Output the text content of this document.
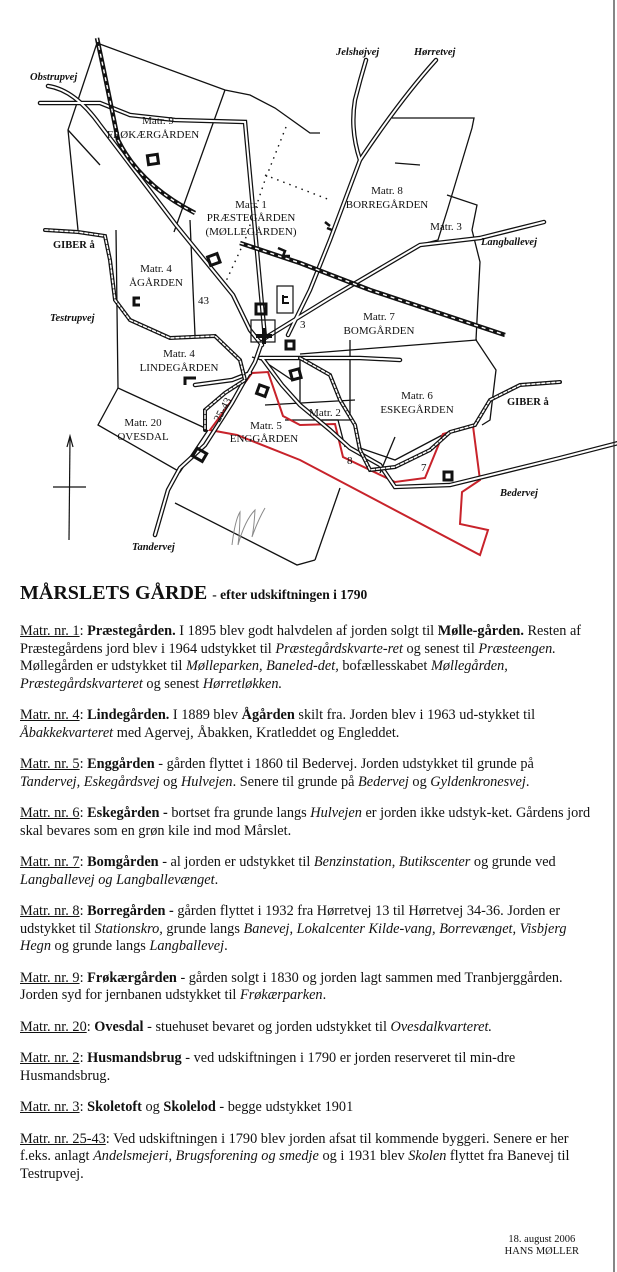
Obstrupvej
Jelshøjvej	Hørretvej
Langballevej
Testrupvej
Tandervej
Bedervej
GIBER å
GIBER å
Matr. 9
FRØKÆRGÅRDEN
Matr. 1
PRÆSTEGÅRDEN
(MØLLEGÅRDEN)
Matr. 8
BORREGÅRDEN
Matr. 3
Matr. 4
ÅGÅRDEN
Matr. 7
BOMGÅRDEN
Matr. 4
LINDEGÅRDEN
Matr. 6
ESKEGÅRDEN
Matr. 20
OVESDAL
Matr. 2
Matr. 5
ENGGÅRDEN
43
3
25-43
8
7
MÅRSLETS GÅRDE - efter udskiftningen i 1790

Matr. nr. 1: Præstegården. I 1895 blev godt halvdelen af jorden solgt til Mølle-gården. Resten af Præstegårdens jord blev i 1964 udstykket til Præstegårdskvarte-ret og senest til Præsteengen. Møllegården er udstykket til Mølleparken, Baneled-det, bofællesskabet Møllegården, Præstegårdskvarteret og senest Hørretløkken.

Matr. nr. 4: Lindegården. I 1889 blev Ågården skilt fra. Jorden blev i 1963 ud-stykket til Åbakkekvarteret med Agervej, Åbakken, Kratleddet og Engleddet.

Matr. nr. 5: Enggården - gården flyttet i 1860 til Bedervej. Jorden udstykket til grunde på Tandervej, Eskegårdsvej og Hulvejen. Senere til grunde på Bedervej og Gyldenkronesvej.

Matr. nr. 6: Eskegården - bortset fra grunde langs Hulvejen er jorden ikke udstyk-ket. Gårdens jord skal bevares som en grøn kile ind mod Mårslet.

Matr. nr. 7: Bomgården - al jorden er udstykket til Benzinstation, Butikscenter og grunde ved Langballevej og Langballevænget.

Matr. nr. 8: Borregården - gården flyttet i 1932 fra Hørretvej 13 til Hørretvej 34-36. Jorden er udstykket til Stationskro, grunde langs Banevej, Lokalcenter Kilde-vang, Borrevænget, Visbjerg Hegn og grunde langs Langballevej.

Matr. nr. 9: Frøkærgården - gården solgt i 1830 og jorden lagt sammen med Tranbjerggården. Jorden syd for jernbanen udstykket til Frøkærparken.

Matr. nr. 20: Ovesdal - stuehuset bevaret og jorden udstykket til Ovesdalkvarteret.

Matr. nr. 2: Husmandsbrug - ved udskiftningen i 1790 er jorden reserveret til min-dre Husmandsbrug.

Matr. nr. 3: Skoletoft og Skolelod - begge udstykket 1901

Matr. nr. 25-43: Ved udskiftningen i 1790 blev jorden afsat til kommende byggeri. Senere er her f.eks. anlagt Andelsmejeri, Brugsforening og smedje og i 1931 blev Skolen flyttet fra Banevej til Testrupvej.

18. august 2006
HANS MØLLER
